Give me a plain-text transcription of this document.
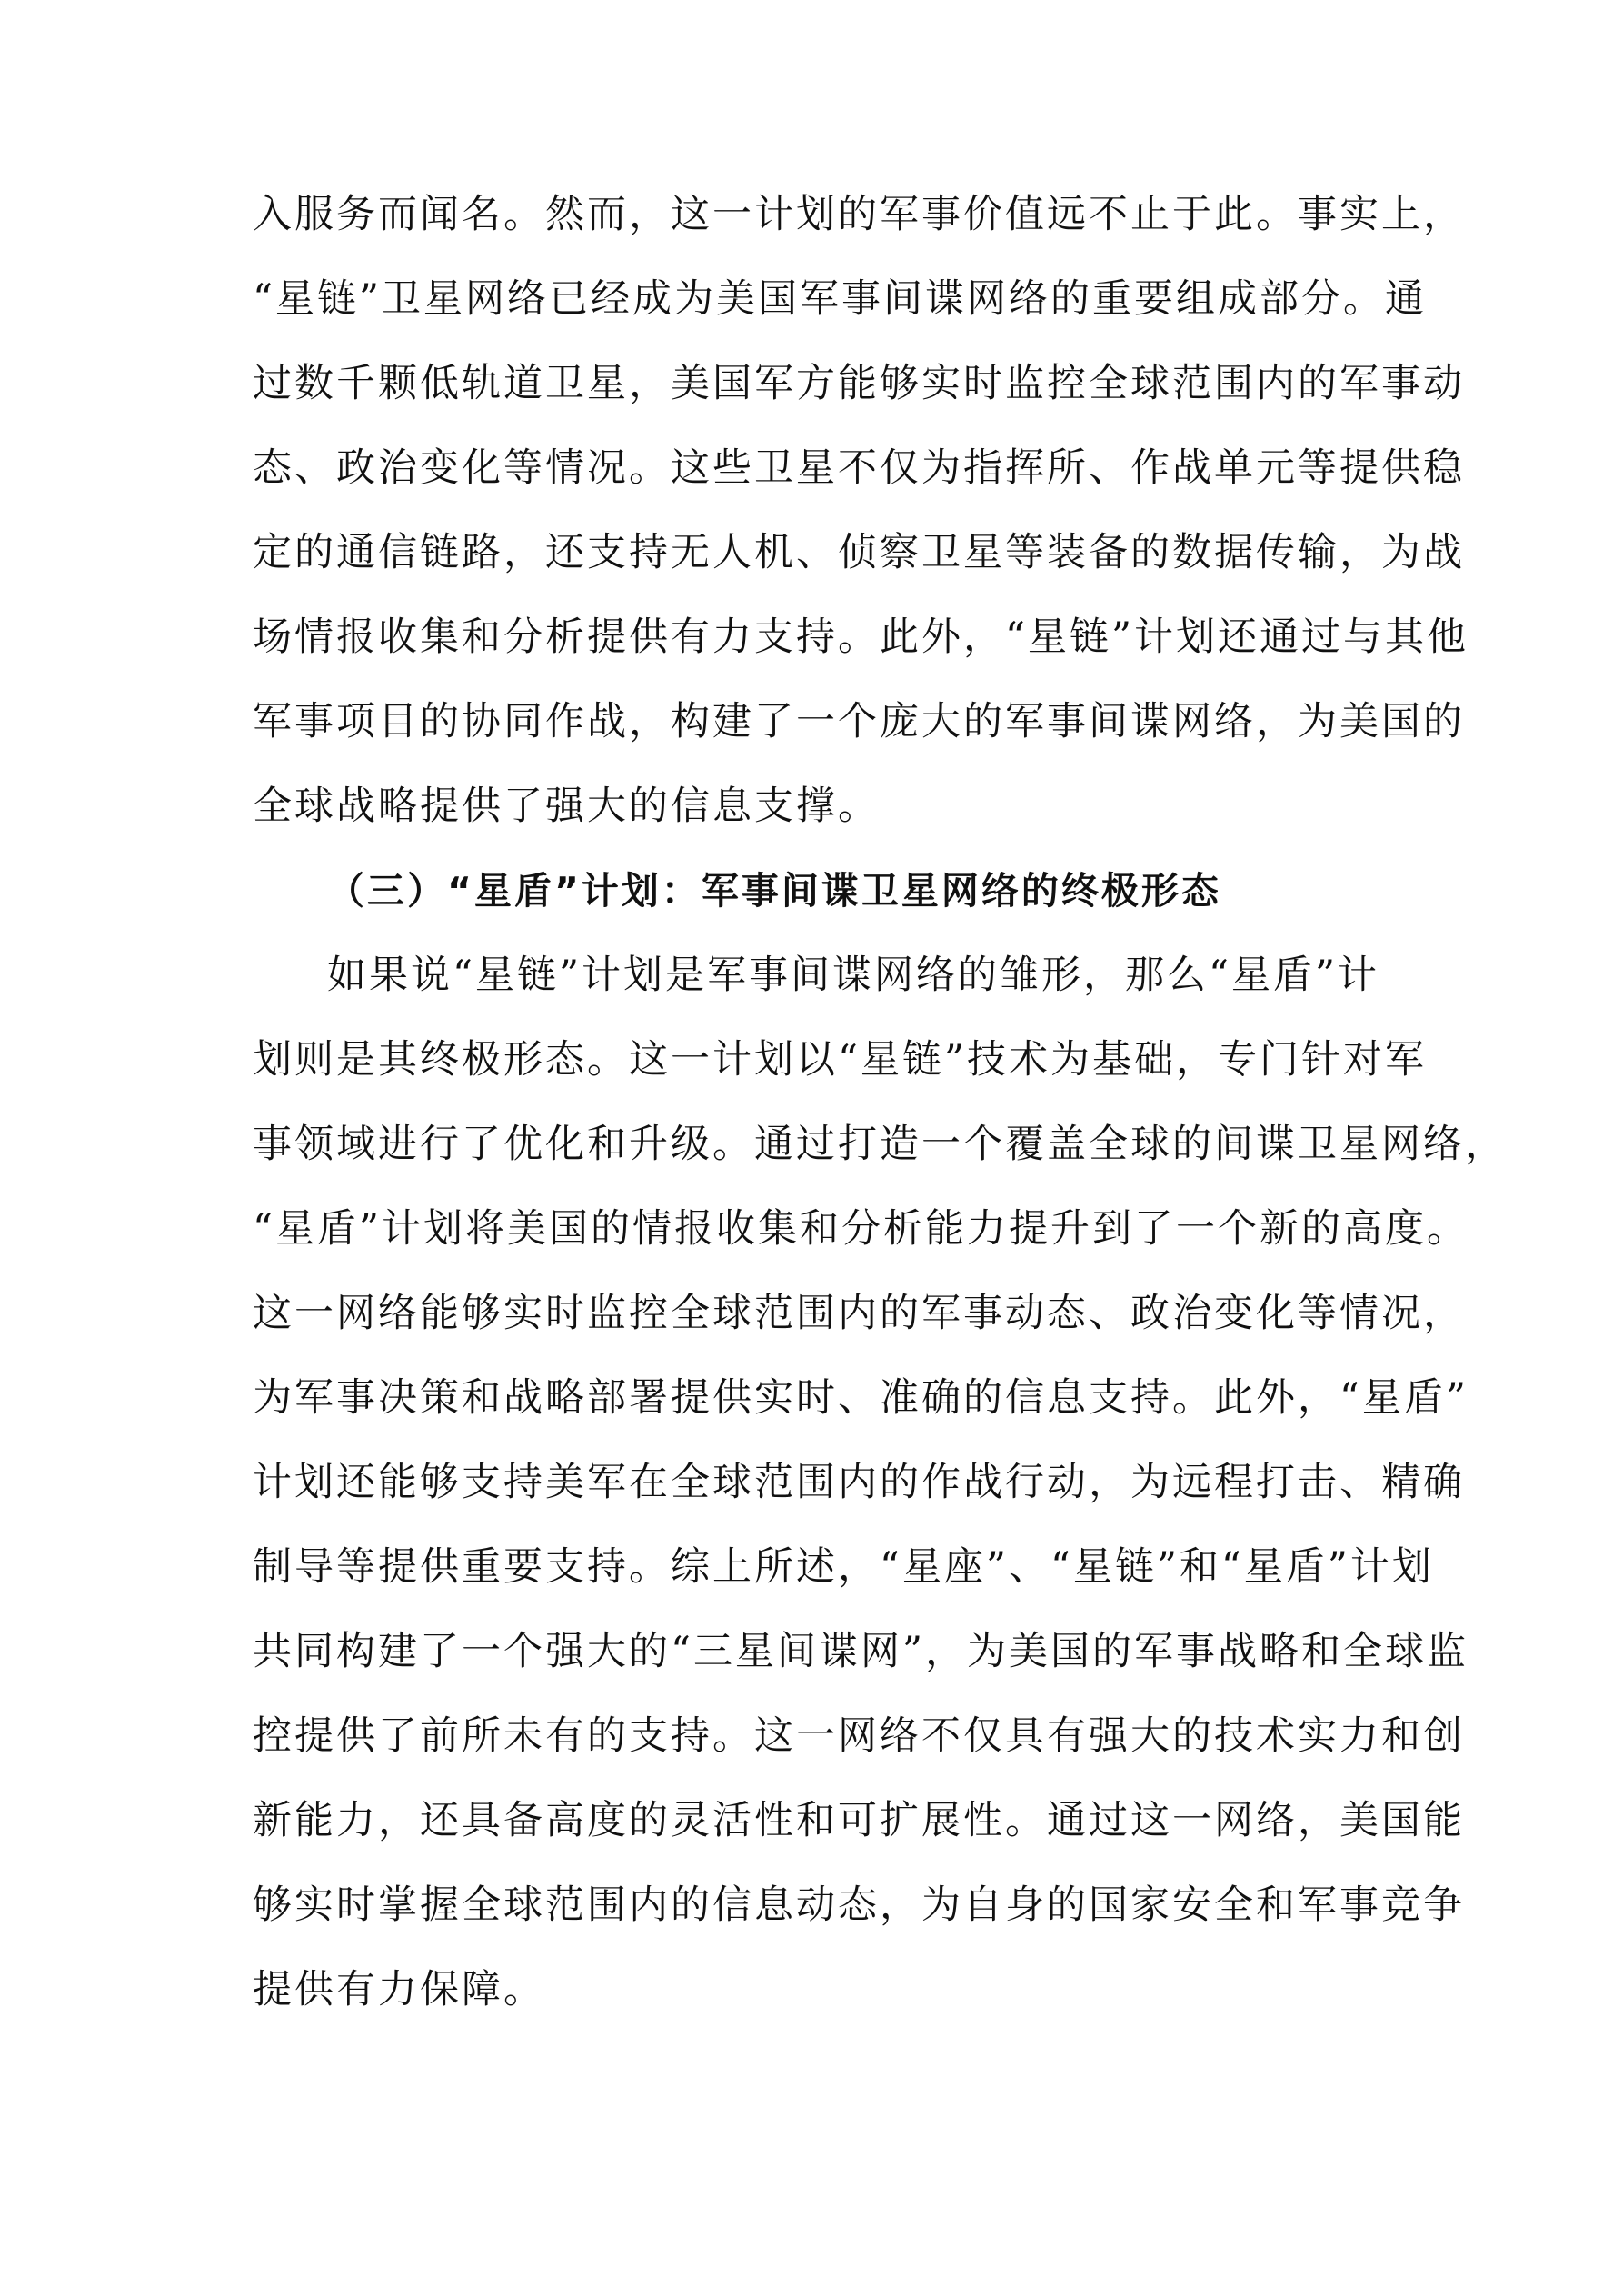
入服务而闻名。然而，这一计划的军事价值远不止于此。事实上，
“星链”卫星网络已经成为美国军事间谍网络的重要组成部分。通
过数千颗低轨道卫星，美国军方能够实时监控全球范围内的军事动
态、政治变化等情况。这些卫星不仅为指挥所、作战单元等提供稳
定的通信链路，还支持无人机、侦察卫星等装备的数据传输，为战
场情报收集和分析提供有力支持。此外，“星链”计划还通过与其他
军事项目的协同作战，构建了一个庞大的军事间谍网络，为美国的
全球战略提供了强大的信息支撑。
（三）“星盾”计划：军事间谍卫星网络的终极形态
如果说“星链”计划是军事间谍网络的雏形，那么“星盾”计
划则是其终极形态。这一计划以“星链”技术为基础，专门针对军
事领域进行了优化和升级。通过打造一个覆盖全球的间谍卫星网络，
“星盾”计划将美国的情报收集和分析能力提升到了一个新的高度。
这一网络能够实时监控全球范围内的军事动态、政治变化等情况，
为军事决策和战略部署提供实时、准确的信息支持。此外，“星盾”
计划还能够支持美军在全球范围内的作战行动，为远程打击、精确
制导等提供重要支持。综上所述，“星座”、“星链”和“星盾”计划
共同构建了一个强大的“三星间谍网”，为美国的军事战略和全球监
控提供了前所未有的支持。这一网络不仅具有强大的技术实力和创
新能力，还具备高度的灵活性和可扩展性。通过这一网络，美国能
够实时掌握全球范围内的信息动态，为自身的国家安全和军事竞争
提供有力保障。
